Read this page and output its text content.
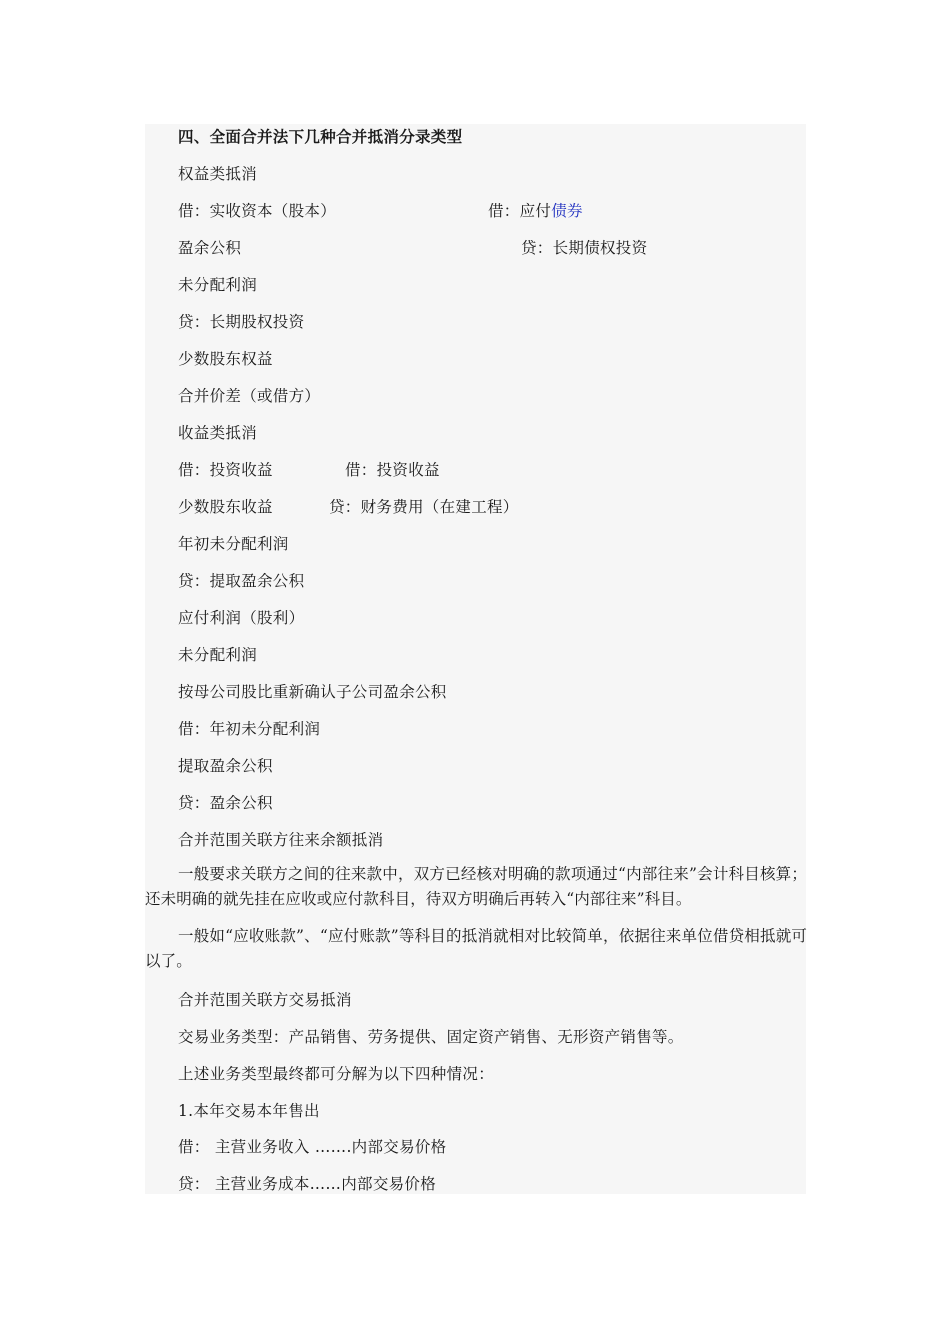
四、全面合并法下几种合并抵消分录类型
权益类抵消
借：实收资本（股本）	借：应付债券
盈余公积	贷：长期债权投资
未分配利润
贷：长期股权投资
少数股东权益
合并价差（或借方）
收益类抵消
借：投资收益	借：投资收益
少数股东收益	贷：财务费用（在建工程）
年初未分配利润
贷：提取盈余公积
应付利润（股利）
未分配利润
按母公司股比重新确认子公司盈余公积
借：年初未分配利润
提取盈余公积
贷：盈余公积
合并范围关联方往来余额抵消
一般要求关联方之间的往来款中，双方已经核对明确的款项通过“内部往来”会计科目核算；还未明确的就先挂在应收或应付款科目，待双方明确后再转入“内部往来”科目。
一般如“应收账款”、“应付账款”等科目的抵消就相对比较简单，依据往来单位借贷相抵就可以了。
合并范围关联方交易抵消
交易业务类型：产品销售、劳务提供、固定资产销售、无形资产销售等。
上述业务类型最终都可分解为以下四种情况：
1.本年交易本年售出
借： 主营业务收入 …….内部交易价格
贷： 主营业务成本……内部交易价格
